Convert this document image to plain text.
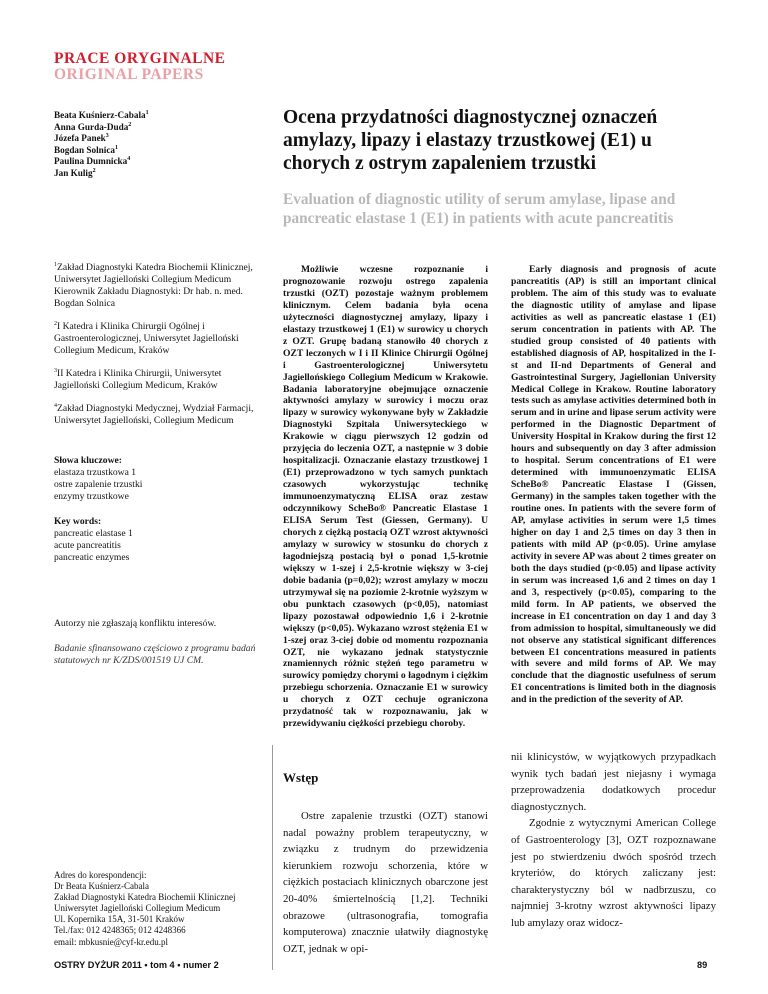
PRACE ORYGINALNE
ORIGINAL PAPERS
Beata Kuśnierz-Cabala$^1$
Anna Gurda-Duda$^2$
Józefa Panek$^3$
Bogdan Solnica$^1$
Paulina Dumnicka$^4$
Jan Kulig$^2$
Ocena przydatności diagnostycznej oznaczeń amylazy, lipazy i elastazy trzustkowej (E1) u chorych z ostrym zapaleniem trzustki
Evaluation of diagnostic utility of serum amylase, lipase and pancreatic elastase 1 (E1) in patients with acute pancreatitis

$^1$Zakład Diagnostyki Katedra Biochemii Klinicznej, Uniwersytet Jagielloński Collegium Medicum Kierownik Zakładu Diagnostyki: Dr hab. n. med. Bogdan Solnica

$^2$I Katedra i Klinika Chirurgii Ogólnej i Gastroenterologicznej, Uniwersytet Jagielloński Collegium Medicum, Kraków

$^3$II Katedra i Klinika Chirurgii, Uniwersytet Jagielloński Collegium Medicum, Kraków

$^4$Zakład Diagnostyki Medycznej, Wydział Farmacji, Uniwersytet Jagielloński, Collegium Medicum

Słowa kluczowe:
elastaza trzustkowa 1
ostre zapalenie trzustki
enzymy trzustkowe
Key words:
pancreatic elastase 1
acute pancreatitis
pancreatic enzymes

Autorzy nie zgłaszają konfliktu interesów.

Badanie sfinansowano częściowo z programu badań statutowych nr K/ZDS/001519 UJ CM.

Możliwie wczesne rozpoznanie i prognozowanie rozwoju ostrego zapalenia trzustki (OZT) pozostaje ważnym problemem klinicznym. Celem badania była ocena użyteczności diagnostycznej amylazy, lipazy i elastazy trzustkowej 1 (E1) w surowicy u chorych z OZT. Grupę badaną stanowiło 40 chorych z OZT leczonych w I i II Klinice Chirurgii Ogólnej i Gastroenterologicznej Uniwersytetu Jagiellońskiego Collegium Medicum w Krakowie. Badania laboratoryjne obejmujące oznaczenie aktywności amylazy w surowicy i moczu oraz lipazy w surowicy wykonywane były w Zakładzie Diagnostyki Szpitala Uniwersyteckiego w Krakowie w ciągu pierwszych 12 godzin od przyjęcia do leczenia OZT, a następnie w 3 dobie hospitalizacji. Oznaczanie elastazy trzustkowej 1 (E1) przeprowadzono w tych samych punktach czasowych wykorzystując technikę immunoenzymatyczną ELISA oraz zestaw odczynnikowy ScheBo® Pancreatic Elastase 1 ELISA Serum Test (Giessen, Germany). U chorych z ciężką postacią OZT wzrost aktywności amylazy w surowicy w stosunku do chorych z łagodniejszą postacią był o ponad 1,5-krotnie większy w 1-szej i 2,5-krotnie większy w 3-ciej dobie badania (p=0,02); wzrost amylazy w moczu utrzymywał się na poziomie 2-krotnie wyższym w obu punktach czasowych (p<0,05), natomiast lipazy pozostawał odpowiednio 1,6 i 2-krotnie większy (p<0,05). Wykazano wzrost stężenia E1 w 1-szej oraz 3-ciej dobie od momentu rozpoznania OZT, nie wykazano jednak statystycznie znamiennych różnic stężeń tego parametru w surowicy pomiędzy chorymi o łagodnym i ciężkim przebiegu schorzenia. Oznaczanie E1 w surowicy u chorych z OZT cechuje ograniczona przydatność tak w rozpoznawaniu, jak w przewidywaniu ciężkości przebiegu choroby.
Early diagnosis and prognosis of acute pancreatitis (AP) is still an important clinical problem. The aim of this study was to evaluate the diagnostic utility of amylase and lipase activities as well as pancreatic elastase 1 (E1) serum concentration in patients with AP. The studied group consisted of 40 patients with established diagnosis of AP, hospitalized in the I-st and II-nd Departments of General and Gastrointestinal Surgery, Jagiellonian University Medical College in Krakow. Routine laboratory tests such as amylase activities determined both in serum and in urine and lipase serum activity were performed in the Diagnostic Department of University Hospital in Krakow during the first 12 hours and subsequently on day 3 after admission to hospital. Serum concentrations of E1 were determined with immunoenzymatic ELISA ScheBo® Pancreatic Elastase I (Gissen, Germany) in the samples taken together with the routine ones. In patients with the severe form of AP, amylase activities in serum were 1,5 times higher on day 1 and 2,5 times on day 3 then in patients with mild AP (p<0.05). Urine amylase activity in severe AP was about 2 times greater on both the days studied (p<0.05) and lipase activity in serum was increased 1,6 and 2 times on day 1 and 3, respectively (p<0.05), comparing to the mild form. In AP patients, we observed the increase in E1 concentration on day 1 and day 3 from admission to hospital, simultaneously we did not observe any statistical significant differences between E1 concentrations measured in patients with severe and mild forms of AP. We may conclude that the diagnostic usefulness of serum E1 concentrations is limited both in the diagnosis and in the prediction of the severity of AP.
Wstęp
Ostre zapalenie trzustki (OZT) stanowi nadal poważny problem terapeutyczny, w związku z trudnym do przewidzenia kierunkiem rozwoju schorzenia, które w ciężkich postaciach klinicznych obarczone jest 20-40% śmiertelnością [1,2]. Techniki obrazowe (ultrasonografia, tomografia komputerowa) znacznie ułatwiły diagnostykę OZT, jednak w opi-

nii klinicystów, w wyjątkowych przypadkach wynik tych badań jest niejasny i wymaga przeprowadzenia dodatkowych procedur diagnostycznych.

Zgodnie z wytycznymi American College of Gastroenterology [3], OZT rozpoznawane jest po stwierdzeniu dwóch spośród trzech kryteriów, do których zaliczany jest: charakterystyczny ból w nadbrzuszu, co najmniej 3-krotny wzrost aktywności lipazy lub amylazy oraz widocz-

Adres do korespondencji:
Dr Beata Kuśnierz-Cabala
Zakład Diagnostyki Katedra Biochemii Klinicznej
Uniwersytet Jagielloński Collegium Medicum
Ul. Kopernika 15A, 31-501 Kraków
Tel./fax: 012 4248365; 012 4248366
email: mbkusnie@cyf-kr.edu.pl
OSTRY DYŻUR 2011 • tom 4 • numer 2	89
